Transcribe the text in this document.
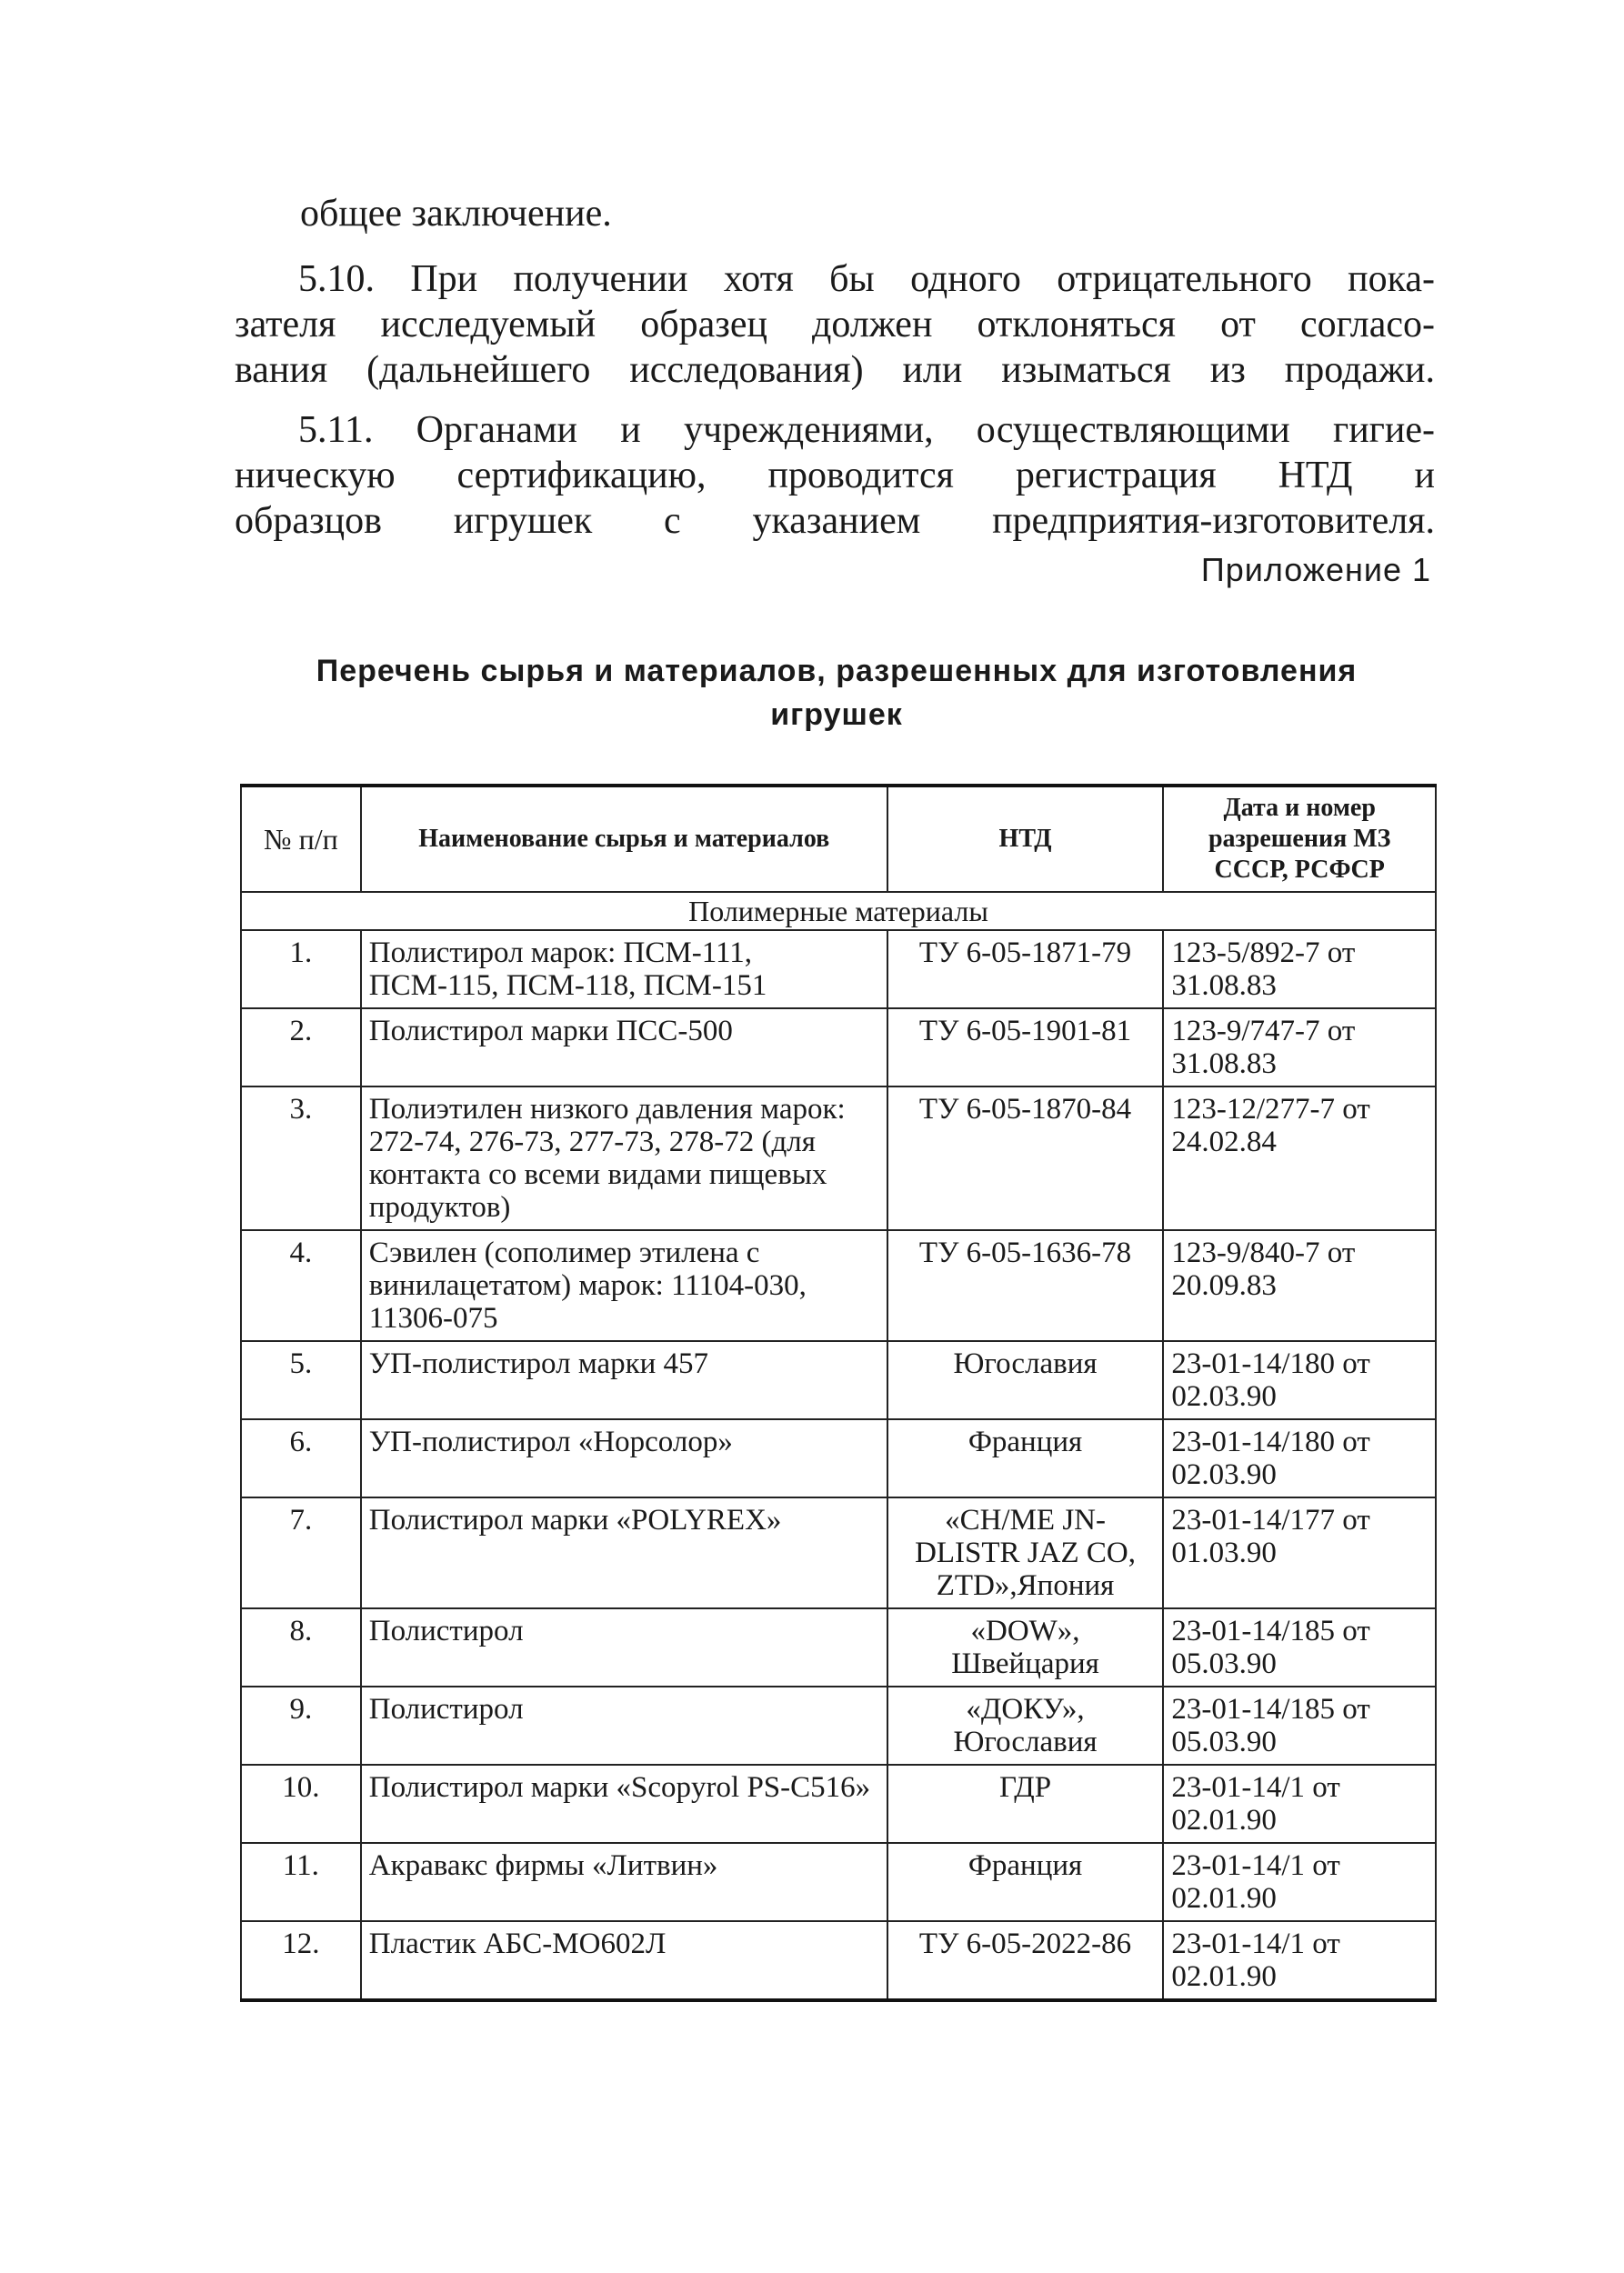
общее заключение.

5.10. При получении хотя бы одного отрицательного пока-
зателя исследуемый образец должен отклоняться от согласо-
вания (дальнейшего исследования) или изыматься из продажи.

5.11. Органами и учреждениями, осуществляющими гигие-
ническую сертификацию, проводится регистрация НТД и
образцов игрушек с указанием предприятия-изготовителя.

Приложение 1
Перечень сырья и материалов, разрешенных для изготовления
игрушек
№ п/п	Наименование сырья и материалов	НТД	Дата и номер разрешения МЗ СССР, РСФСР
Полимерные материалы			
1.	Полистирол марок: ПСМ-111, ПСМ-115, ПСМ-118, ПСМ-151	ТУ 6-05-1871-79	123-5/892-7 от 31.08.83
2.	Полистирол марки ПСС-500	ТУ 6-05-1901-81	123-9/747-7 от 31.08.83
3.	Полиэтилен низкого давления марок: 272-74, 276-73, 277-73, 278-72 (для контакта со всеми видами пищевых продуктов)	ТУ 6-05-1870-84	123-12/277-7 от 24.02.84
4.	Сэвилен (сополимер этилена с винилацетатом) марок: 11104-030, 11306-075	ТУ 6-05-1636-78	123-9/840-7 от 20.09.83
5.	УП-полистирол марки 457	Югославия	23-01-14/180 от 02.03.90
6.	УП-полистирол «Норсолор»	Франция	23-01-14/180 от 02.03.90
7.	Полистирол марки «POLYREX»	«CH/ME JN-DLISTR JAZ CO, ZTD»,Япония	23-01-14/177 от 01.03.90
8.	Полистирол	«DOW», Швейцария	23-01-14/185 от 05.03.90
9.	Полистирол	«ДОКУ», Югославия	23-01-14/185 от 05.03.90
10.	Полистирол марки «Scopyrol PS-C516»	ГДР	23-01-14/1 от 02.01.90
11.	Акравакс фирмы «Литвин»	Франция	23-01-14/1 от 02.01.90
12.	Пластик АБС-МО602Л	ТУ 6-05-2022-86	23-01-14/1 от 02.01.90
